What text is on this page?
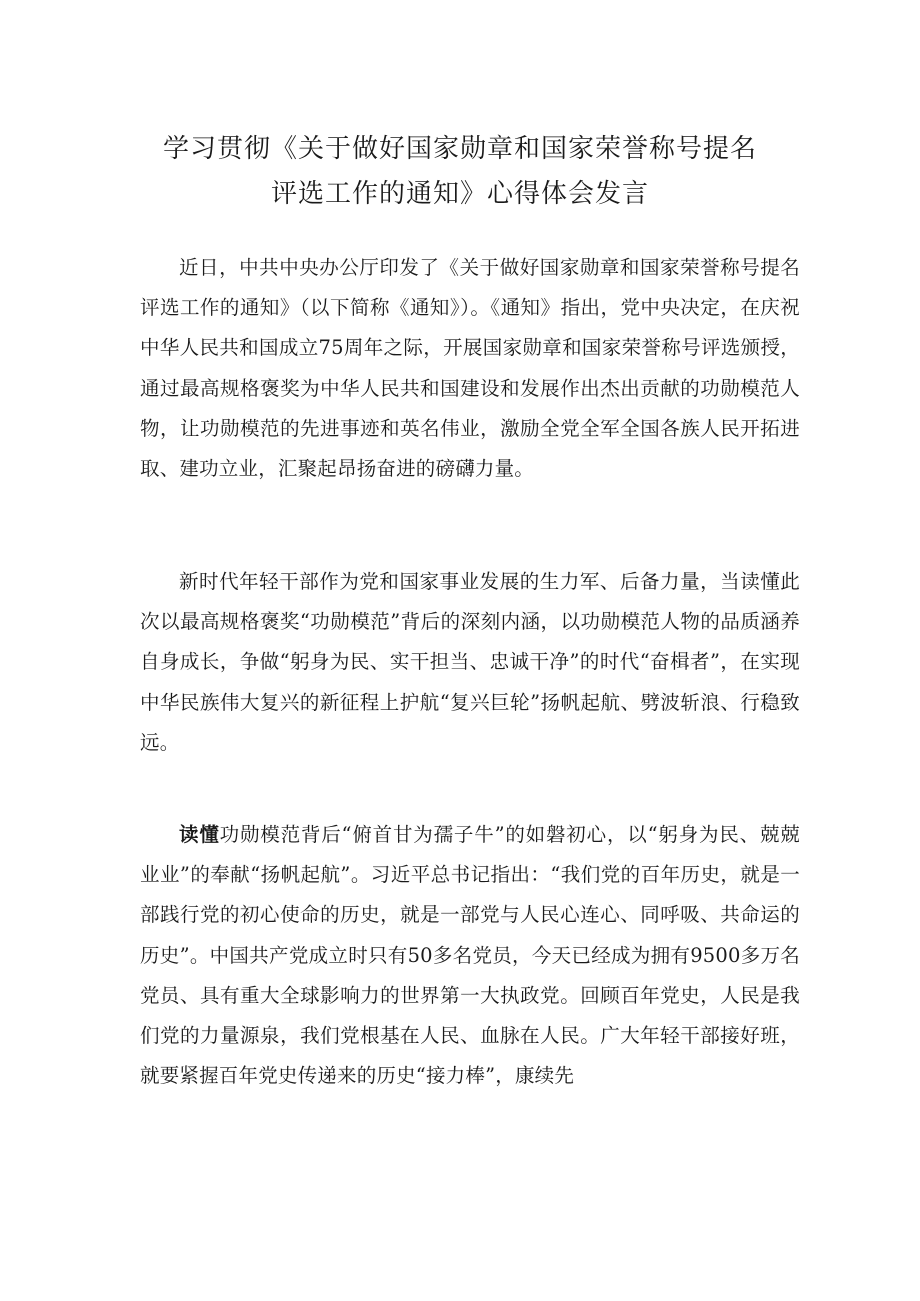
学习贯彻《关于做好国家勋章和国家荣誉称号提名
评选工作的通知》心得体会发言

近日，中共中央办公厅印发了《关于做好国家勋章和国家荣誉称号提名评选工作的通知》（以下简称《通知》）。《通知》指出，党中央决定，在庆祝中华人民共和国成立75周年之际，开展国家勋章和国家荣誉称号评选颁授，通过最高规格褒奖为中华人民共和国建设和发展作出杰出贡献的功勋模范人物，让功勋模范的先进事迹和英名伟业，激励全党全军全国各族人民开拓进取、建功立业，汇聚起昂扬奋进的磅礴力量。

新时代年轻干部作为党和国家事业发展的生力军、后备力量，当读懂此次以最高规格褒奖“功勋模范”背后的深刻内涵，以功勋模范人物的品质涵养自身成长，争做“躬身为民、实干担当、忠诚干净”的时代“奋楫者”，在实现中华民族伟大复兴的新征程上护航“复兴巨轮”扬帆起航、劈波斩浪、行稳致远。

读懂功勋模范背后“俯首甘为孺子牛”的如磐初心，以“躬身为民、兢兢业业”的奉献“扬帆起航”。习近平总书记指出：“我们党的百年历史，就是一部践行党的初心使命的历史，就是一部党与人民心连心、同呼吸、共命运的历史”。中国共产党成立时只有50多名党员，今天已经成为拥有9500多万名党员、具有重大全球影响力的世界第一大执政党。回顾百年党史，人民是我们党的力量源泉，我们党根基在人民、血脉在人民。广大年轻干部接好班，就要紧握百年党史传递来的历史“接力棒”，康续先
